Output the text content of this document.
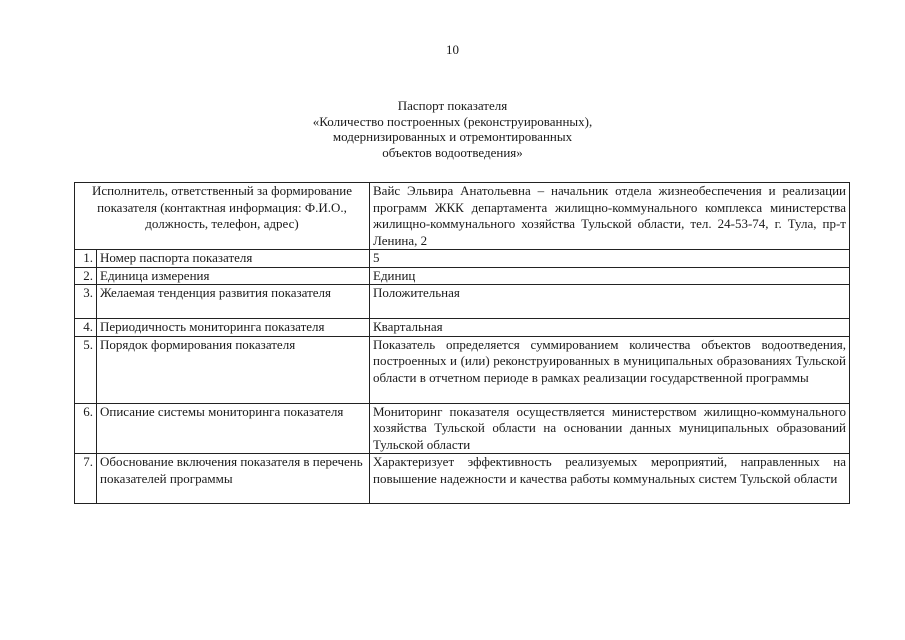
10
Паспорт показателя
«Количество построенных (реконструированных),
модернизированных и отремонтированных
объектов водоотведения»
Исполнитель, ответственный за формирование показателя (контактная информация: Ф.И.О., должность, телефон, адрес)		Вайс Эльвира Анатольевна – начальник отдела жизнеобеспечения и реализации программ ЖКК департамента жилищно-коммунального комплекса министерства жилищно-коммунального хозяйства Тульской области, тел. 24-53-74, г. Тула, пр-т Ленина, 2
1.	Номер паспорта показателя	5
2.	Единица измерения	Единиц
3.	Желаемая тенденция развития показателя	Положительная
4.	Периодичность мониторинга показателя	Квартальная
5.	Порядок формирования показателя	Показатель определяется суммированием количества объектов водоотведения, построенных и (или) реконструированных в муниципальных образованиях Тульской области в отчетном периоде в рамках реализации государственной программы
6.	Описание системы мониторинга показателя	Мониторинг показателя осуществляется министерством жилищно-коммунального хозяйства Тульской области на основании данных муниципальных образований Тульской области
7.	Обоснование включения показателя в перечень показателей программы	Характеризует эффективность реализуемых мероприятий, направленных на повышение надежности и качества работы коммунальных систем Тульской области
